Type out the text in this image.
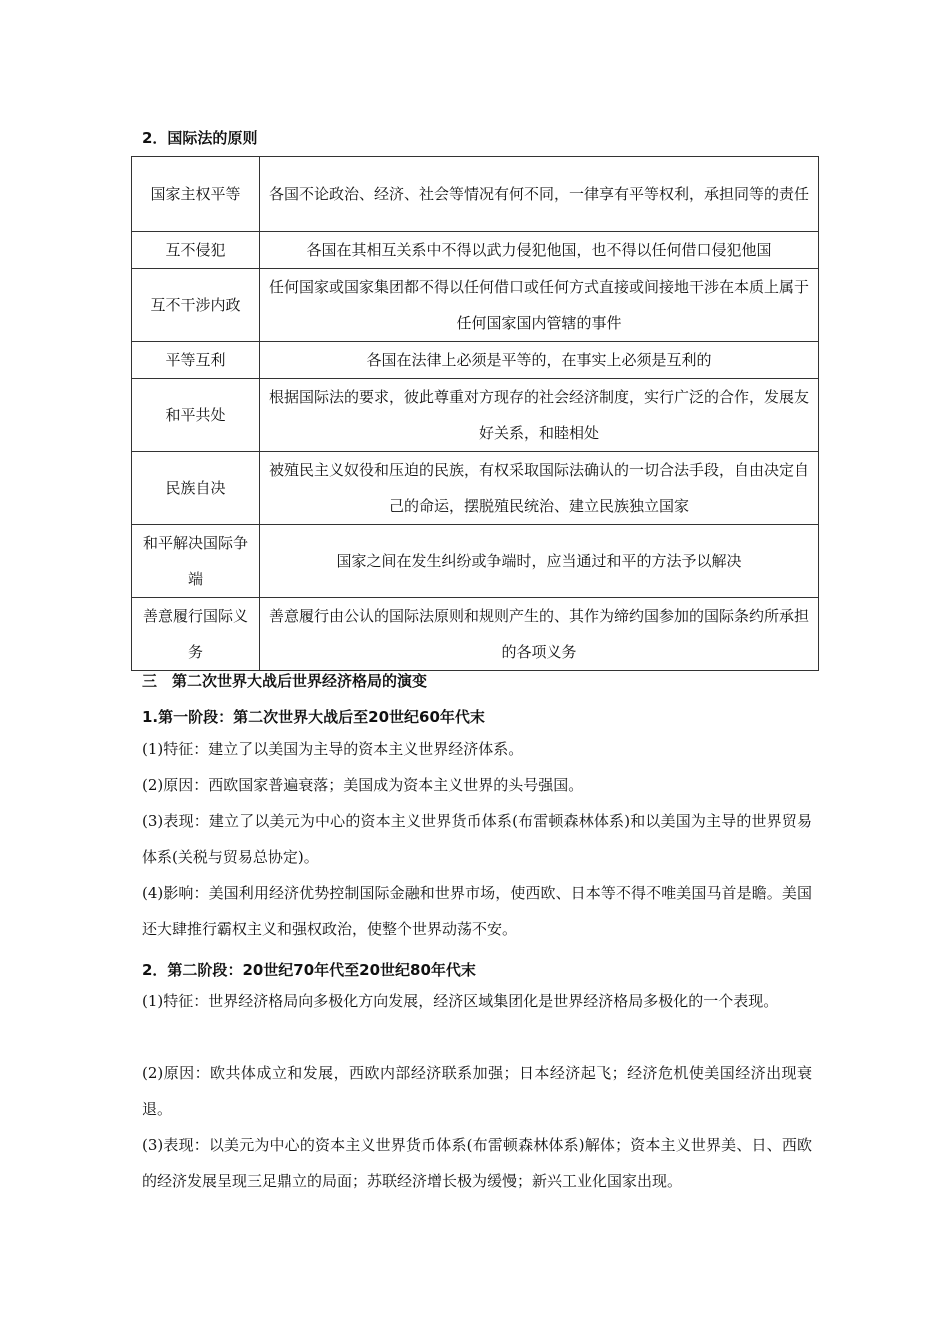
2．国际法的原则
国家主权平等	各国不论政治、经济、社会等情况有何不同，一律享有平等权利，承担同等的责任
互不侵犯	各国在其相互关系中不得以武力侵犯他国，也不得以任何借口侵犯他国
互不干涉内政	任何国家或国家集团都不得以任何借口或任何方式直接或间接地干涉在本质上属于任何国家国内管辖的事件
平等互利	各国在法律上必须是平等的，在事实上必须是互利的
和平共处	根据国际法的要求，彼此尊重对方现存的社会经济制度，实行广泛的合作，发展友好关系，和睦相处
民族自决	被殖民主义奴役和压迫的民族，有权采取国际法确认的一切合法手段，自由决定自己的命运，摆脱殖民统治、建立民族独立国家
和平解决国际争端	国家之间在发生纠纷或争端时，应当通过和平的方法予以解决
善意履行国际义务	善意履行由公认的国际法原则和规则产生的、其作为缔约国参加的国际条约所承担的各项义务
三　第二次世界大战后世界经济格局的演变
1.第一阶段：第二次世界大战后至20世纪60年代末
(1)特征：建立了以美国为主导的资本主义世界经济体系。
(2)原因：西欧国家普遍衰落；美国成为资本主义世界的头号强国。
(3)表现：建立了以美元为中心的资本主义世界货币体系(布雷顿森林体系)和以美国为主导的世界贸易体系(关税与贸易总协定)。
(4)影响：美国利用经济优势控制国际金融和世界市场，使西欧、日本等不得不唯美国马首是瞻。美国还大肆推行霸权主义和强权政治，使整个世界动荡不安。
2．第二阶段：20世纪70年代至20世纪80年代末
(1)特征：世界经济格局向多极化方向发展，经济区域集团化是世界经济格局多极化的一个表现。
(2)原因：欧共体成立和发展，西欧内部经济联系加强；日本经济起飞；经济危机使美国经济出现衰退。
(3)表现：以美元为中心的资本主义世界货币体系(布雷顿森林体系)解体；资本主义世界美、日、西欧的经济发展呈现三足鼎立的局面；苏联经济增长极为缓慢；新兴工业化国家出现。
